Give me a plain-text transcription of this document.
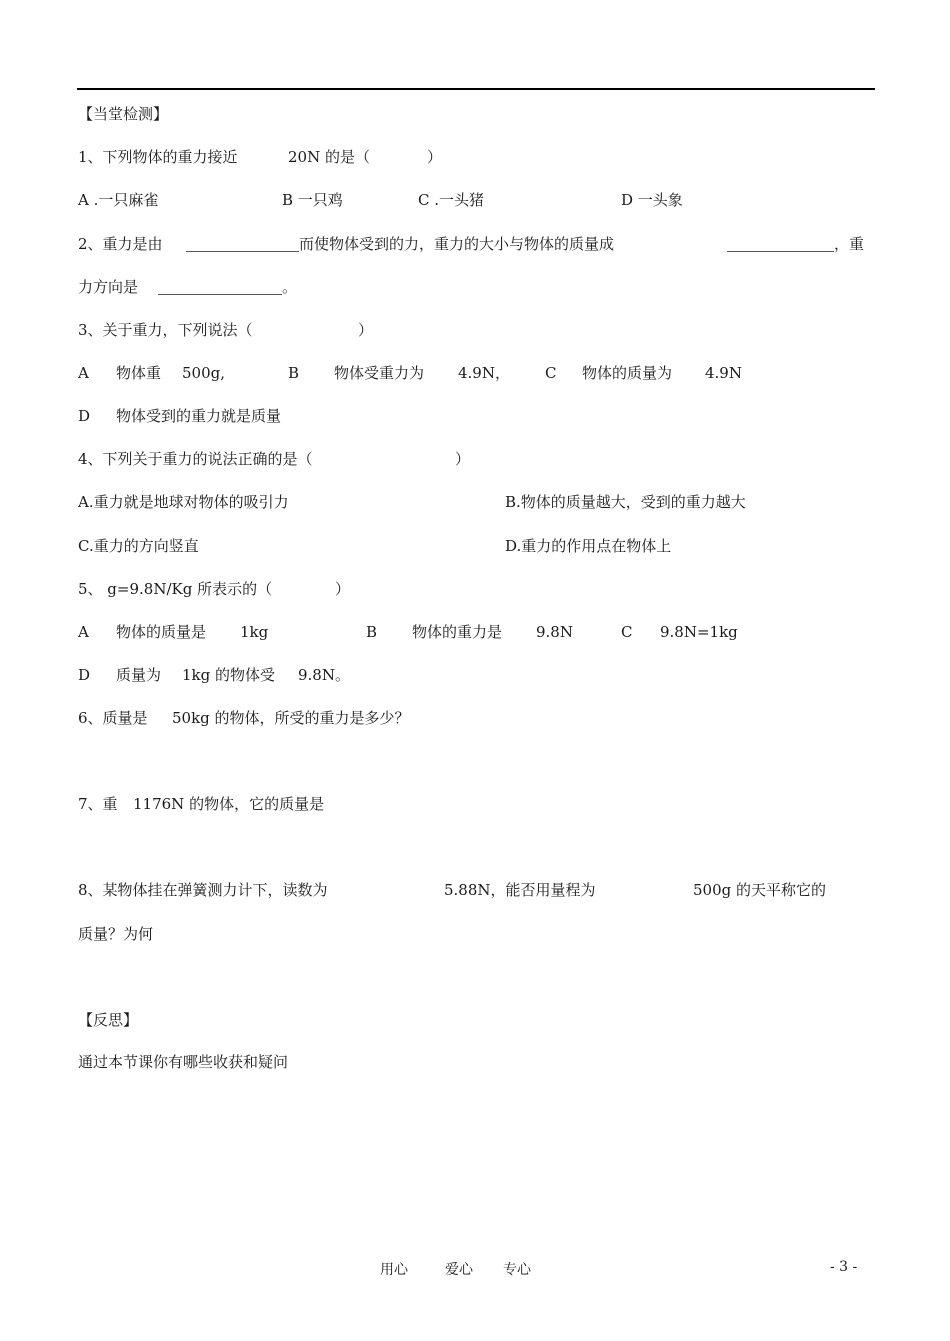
【当堂检测】
1、下列物体的重力接近	20N 的是（	）
A .一只麻雀	B 一只鸡	C .一头猪	D 一头象
2、重力是由	而使物体受到的力，重力的大小与物体的质量成	，重
力方向是	。
3、关于重力，下列说法（	）
A 物体重 500g,	B 物体受重力为 4.9N， C 物体的质量为 4.9N
D 物体受到的重力就是质量
4、下列关于重力的说法正确的是（	）
A.重力就是地球对物体的吸引力	B.物体的质量越大，受到的重力越大
C.重力的方向竖直	D.重力的作用点在物体上
5、 g=9.8N/Kg 所表示的（	）
A 物体的质量是 1kg	B 物体的重力是 9.8N	C 9.8N=1kg
D 质量为 1kg 的物体受 9.8N。
6、质量是 50kg 的物体，所受的重力是多少？
7、重 1176N 的物体，它的质量是
8、某物体挂在弹簧测力计下，读数为	5.88N，能否用量程为	500g 的天平称它的
质量？为何
【反思】
通过本节课你有哪些收获和疑问
用心	爱心 专心	- 3 -
